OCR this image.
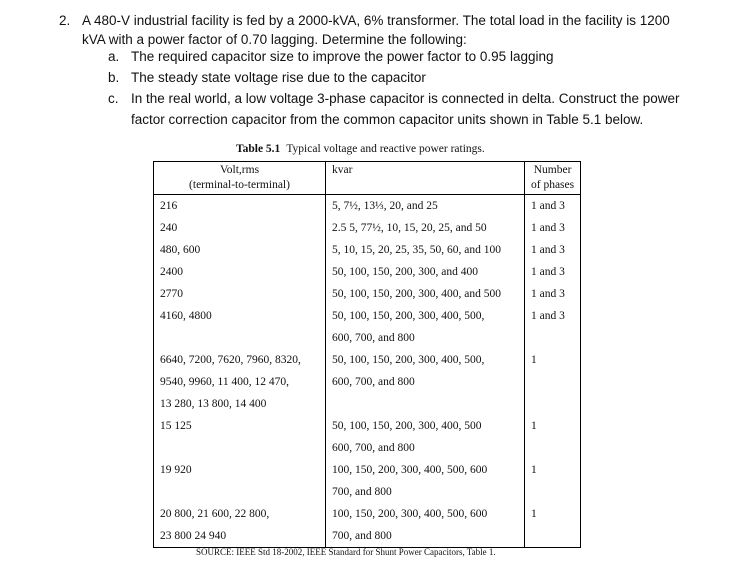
2. A 480-V industrial facility is fed by a 2000-kVA, 6% transformer. The total load in the facility is 1200
kVA with a power factor of 0.70 lagging. Determine the following:
a. The required capacitor size to improve the power factor to 0.95 lagging
b. The steady state voltage rise due to the capacitor
c. In the real world, a low voltage 3-phase capacitor is connected in delta. Construct the power
factor correction capacitor from the common capacitor units shown in Table 5.1 below.
Table 5.1 Typical voltage and reactive power ratings.
Volt,rms
(terminal-to-terminal)	kvar	Number
of phases

216	5, 7½, 13⅓, 20, and 25	1 and 3

240	2.5 5, 77½, 10, 15, 20, 25, and 50	1 and 3

480, 600	5, 10, 15, 20, 25, 35, 50, 60, and 100	1 and 3

2400	50, 100, 150, 200, 300, and 400	1 and 3

2770	50, 100, 150, 200, 300, 400, and 500	1 and 3

4160, 4800	50, 100, 150, 200, 300, 400, 500,
600, 700, and 800	1 and 3

6640, 7200, 7620, 7960, 8320,
9540, 9960, 11 400, 12 470,
13 280, 13 800, 14 400	50, 100, 150, 200, 300, 400, 500,
600, 700, and 800	1

15 125	50, 100, 150, 200, 300, 400, 500
600, 700, and 800	1

19 920	100, 150, 200, 300, 400, 500, 600
700, and 800	1

20 800, 21 600, 22 800,
23 800 24 940	100, 150, 200, 300, 400, 500, 600
700, and 800	1
SOURCE: IEEE Std 18-2002, IEEE Standard for Shunt Power Capacitors, Table 1.
